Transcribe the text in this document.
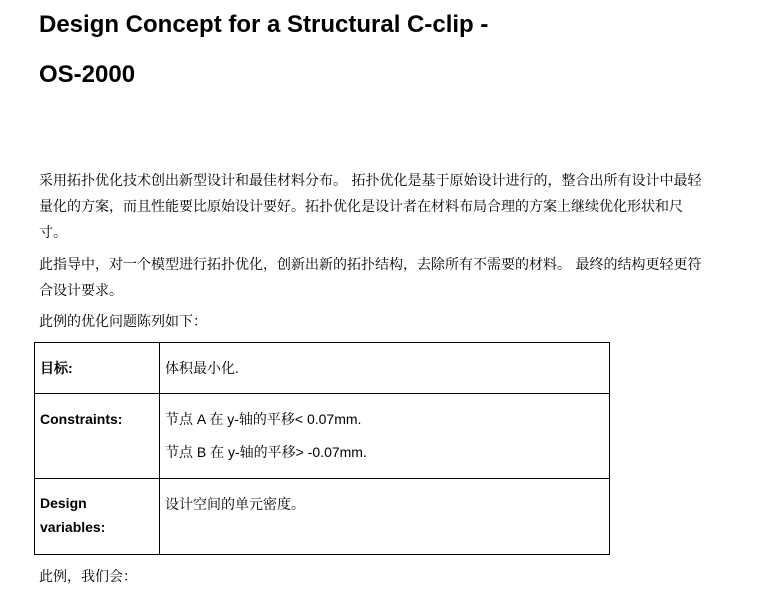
Design Concept for a Structural C-clip -
OS-2000

采用拓扑优化技术创出新型设计和最佳材料分布。 拓扑优化是基于原始设计进行的，整合出所有设计中最轻量化的方案，而且性能要比原始设计要好。拓扑优化是设计者在材料布局合理的方案上继续优化形状和尺寸。

此指导中，对一个模型进行拓扑优化，创新出新的拓扑结构，去除所有不需要的材料。 最终的结构更轻更符合设计要求。

此例的优化问题陈列如下：

目标:	体积最小化.

Constraints:	节点 A 在 y-轴的平移< 0.07mm.
节点 B 在 y-轴的平移> -0.07mm.

Design
variables:	设计空间的单元密度。

此例，我们会：
